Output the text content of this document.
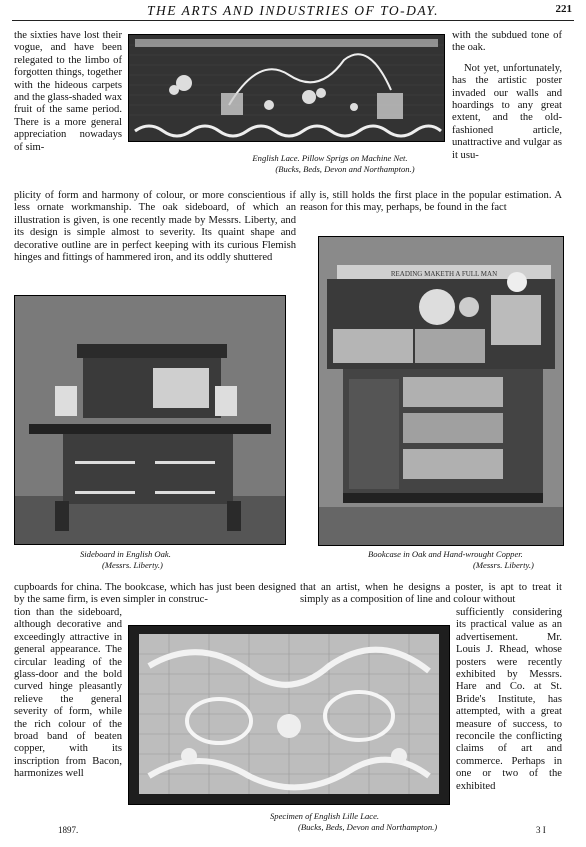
THE ARTS AND INDUSTRIES OF TO-DAY.	221

the sixties have lost their vogue, and have been relegated to the limbo of forgotten things, together with the hideous carpets and the glass-shaded wax fruit of the same period. There is a more general appreciation nowadays of sim-

English Lace. Pillow Sprigs on Machine Net.
(Bucks, Beds, Devon and Northampton.)

with the subdued tone of the oak.

Not yet, unfortunately, has the artistic poster invaded our walls and hoardings to any great extent, and the old-fashioned article, unattractive and vulgar as it usu-

plicity of form and harmony of colour, or more conscientious if less ornate workmanship. The oak sideboard, of which an illustration is given, is one recently made by Messrs. Liberty, and its design is simple almost to severity. Its quaint shape and decorative outline are in perfect keeping with its curious Flemish hinges and fittings of hammered iron, and its oddly shuttered

ally is, still holds the first place in the popular estimation. A reason for this may, perhaps, be found in the fact

Sideboard in English Oak.
(Messrs. Liberty.)
READING MAKETH A FULL MAN
Bookcase in Oak and Hand-wrought Copper.
(Messrs. Liberty.)

cupboards for china. The bookcase, which has just been designed by the same firm, is even simpler in construc-

that an artist, when he designs a poster, is apt to treat it simply as a composition of line and colour without

tion than the sideboard, although decorative and exceedingly attractive in general appearance. The circular leading of the glass-door and the bold curved hinge pleasantly relieve the general severity of form, while the rich colour of the broad band of beaten copper, with its inscription from Bacon, harmonizes well

Specimen of English Lille Lace.
(Bucks, Beds, Devon and Northampton.)

sufficiently considering its practical value as an advertisement. Mr. Louis J. Rhead, whose posters were recently exhibited by Messrs. Hare and Co. at St. Bride's Institute, has attempted, with a great measure of success, to reconcile the conflicting claims of art and commerce. Perhaps in one or two of the exhibited

1897.	3 I
